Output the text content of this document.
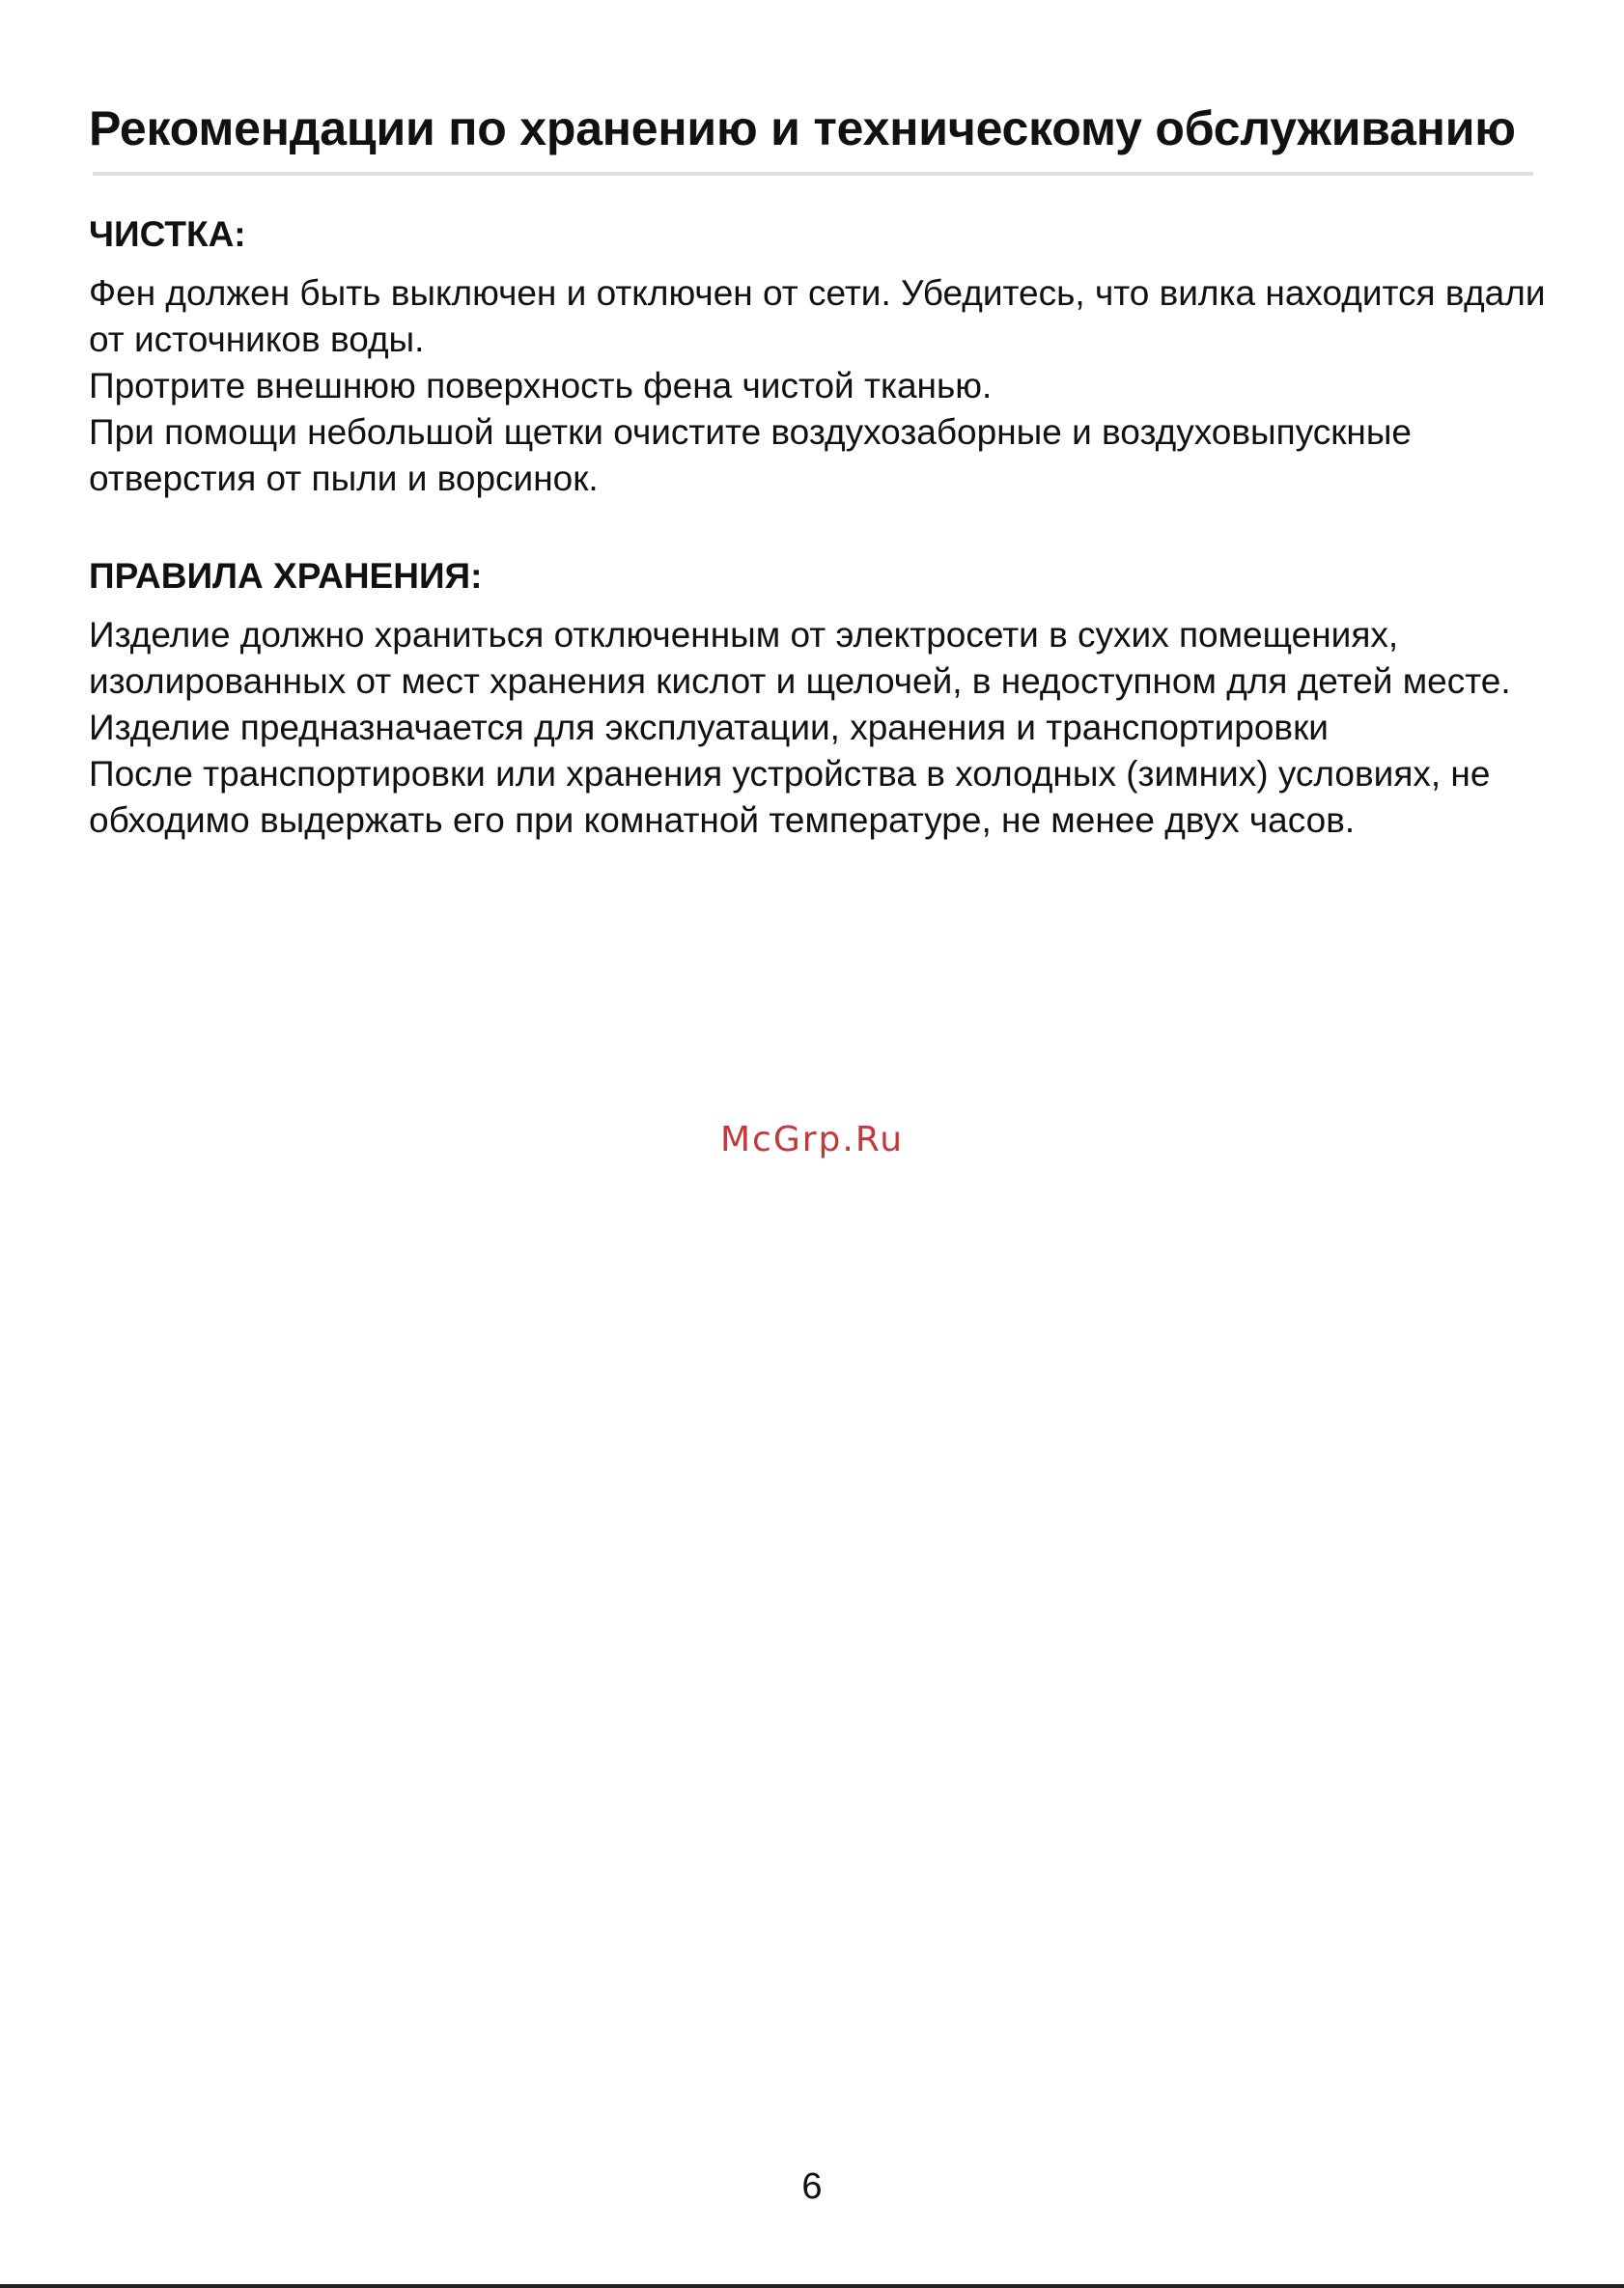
Рекомендации по хранению и техническому обслуживанию
ЧИСТКА:

Фен должен быть выключен и отключен от сети. Убедитесь, что вилка находится вдали от источников воды.

Протрите внешнюю поверхность фена чистой тканью.

При помощи небольшой щетки очистите воздухозаборные и воздуховыпускные отверстия от пыли и ворсинок.

ПРАВИЛА ХРАНЕНИЯ:

Изделие должно храниться отключенным от электросети в сухих помещениях, изолированных от мест хранения кислот и щелочей, в недоступном для детей месте.

Изделие предназначается для эксплуатации, хранения и транспортировки

После транспортировки или хранения устройства в холодных (зимних) условиях, не обходимо выдержать его при комнатной температуре, не менее двух часов.

McGrp.Ru
6
